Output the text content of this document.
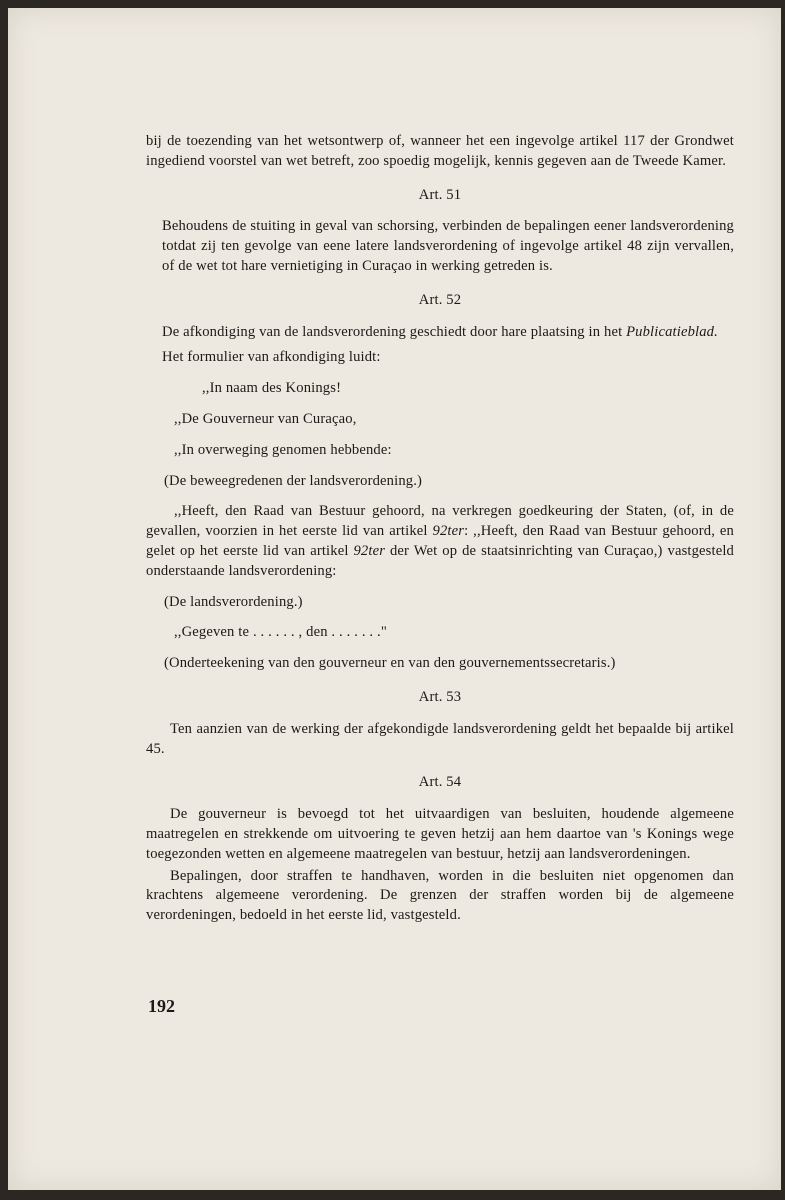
bij de toezending van het wetsontwerp of, wanneer het een ingevolge artikel 117 der Grondwet ingediend voorstel van wet betreft, zoo spoedig mogelijk, kennis gegeven aan de Tweede Kamer.

Art. 51

Behoudens de stuiting in geval van schorsing, verbinden de bepalingen eener landsverordening totdat zij ten gevolge van eene latere landsverordening of ingevolge artikel 48 zijn vervallen, of de wet tot hare vernietiging in Curaçao in werking getreden is.

Art. 52

De afkondiging van de landsverordening geschiedt door hare plaatsing in het Publicatieblad.

Het formulier van afkondiging luidt:

,,In naam des Konings!

,,De Gouverneur van Curaçao,

,,In overweging genomen hebbende:

(De beweegredenen der landsverordening.)

,,Heeft, den Raad van Bestuur gehoord, na verkregen goedkeuring der Staten, (of, in de gevallen, voorzien in het eerste lid van artikel 92ter: ,,Heeft, den Raad van Bestuur gehoord, en gelet op het eerste lid van artikel 92ter der Wet op de staatsinrichting van Curaçao,) vastgesteld onderstaande landsverordening:

(De landsverordening.)

,,Gegeven te . . . . . . , den . . . . . . ."

(Onderteekening van den gouverneur en van den gouvernementssecretaris.)

Art. 53

Ten aanzien van de werking der afgekondigde landsverordening geldt het bepaalde bij artikel 45.

Art. 54

De gouverneur is bevoegd tot het uitvaardigen van besluiten, houdende algemeene maatregelen en strekkende om uitvoering te geven hetzij aan hem daartoe van 's Konings wege toegezonden wetten en algemeene maatregelen van bestuur, hetzij aan landsverordeningen.

Bepalingen, door straffen te handhaven, worden in die besluiten niet opgenomen dan krachtens algemeene verordening. De grenzen der straffen worden bij de algemeene verordeningen, bedoeld in het eerste lid, vastgesteld.

192
